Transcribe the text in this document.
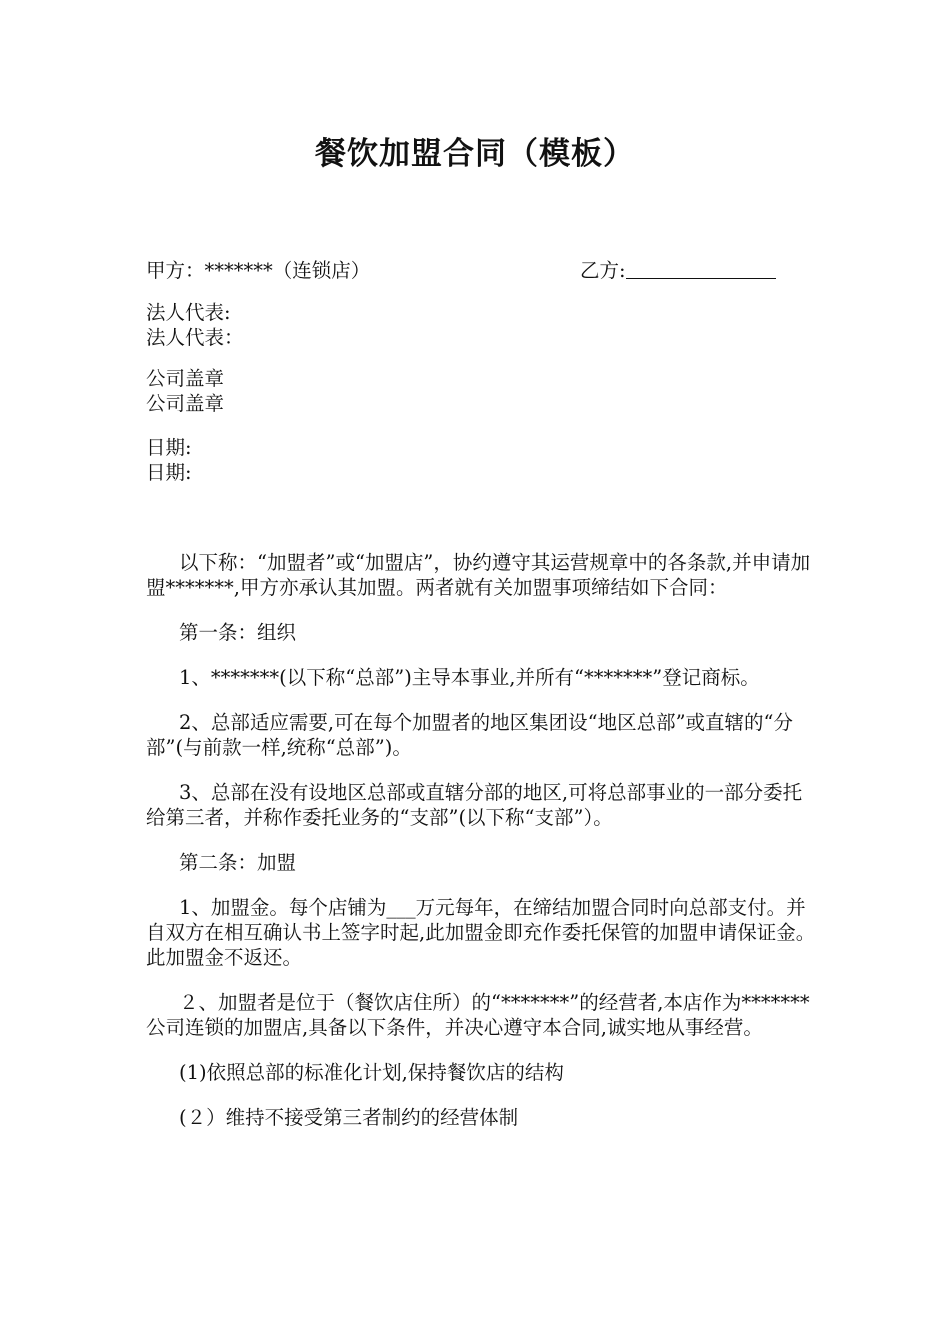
餐饮加盟合同（模板）
甲方：*******（连锁店）	乙方:
法人代表:
法人代表：
公司盖章
公司盖章
日期:
日期:

以下称：“加盟者”或“加盟店”，协约遵守其运营规章中的各条款,并申请加盟*******,甲方亦承认其加盟。两者就有关加盟事项缔结如下合同：

第一条：组织

1、*******(以下称“总部”)主导本事业,并所有“*******”登记商标。

2、总部适应需要,可在每个加盟者的地区集团设“地区总部”或直辖的“分部”(与前款一样,统称“总部”)。

3、总部在没有设地区总部或直辖分部的地区,可将总部事业的一部分委托给第三者，并称作委托业务的“支部”(以下称“支部”）。

第二条：加盟

1、加盟金。每个店铺为___万元每年，在缔结加盟合同时向总部支付。并自双方在相互确认书上签字时起,此加盟金即充作委托保管的加盟申请保证金。此加盟金不返还。

２、加盟者是位于（餐饮店住所）的“*******”的经营者,本店作为*******公司连锁的加盟店,具备以下条件，并决心遵守本合同,诚实地从事经营。

(1)依照总部的标准化计划,保持餐饮店的结构

(２）维持不接受第三者制约的经营体制
